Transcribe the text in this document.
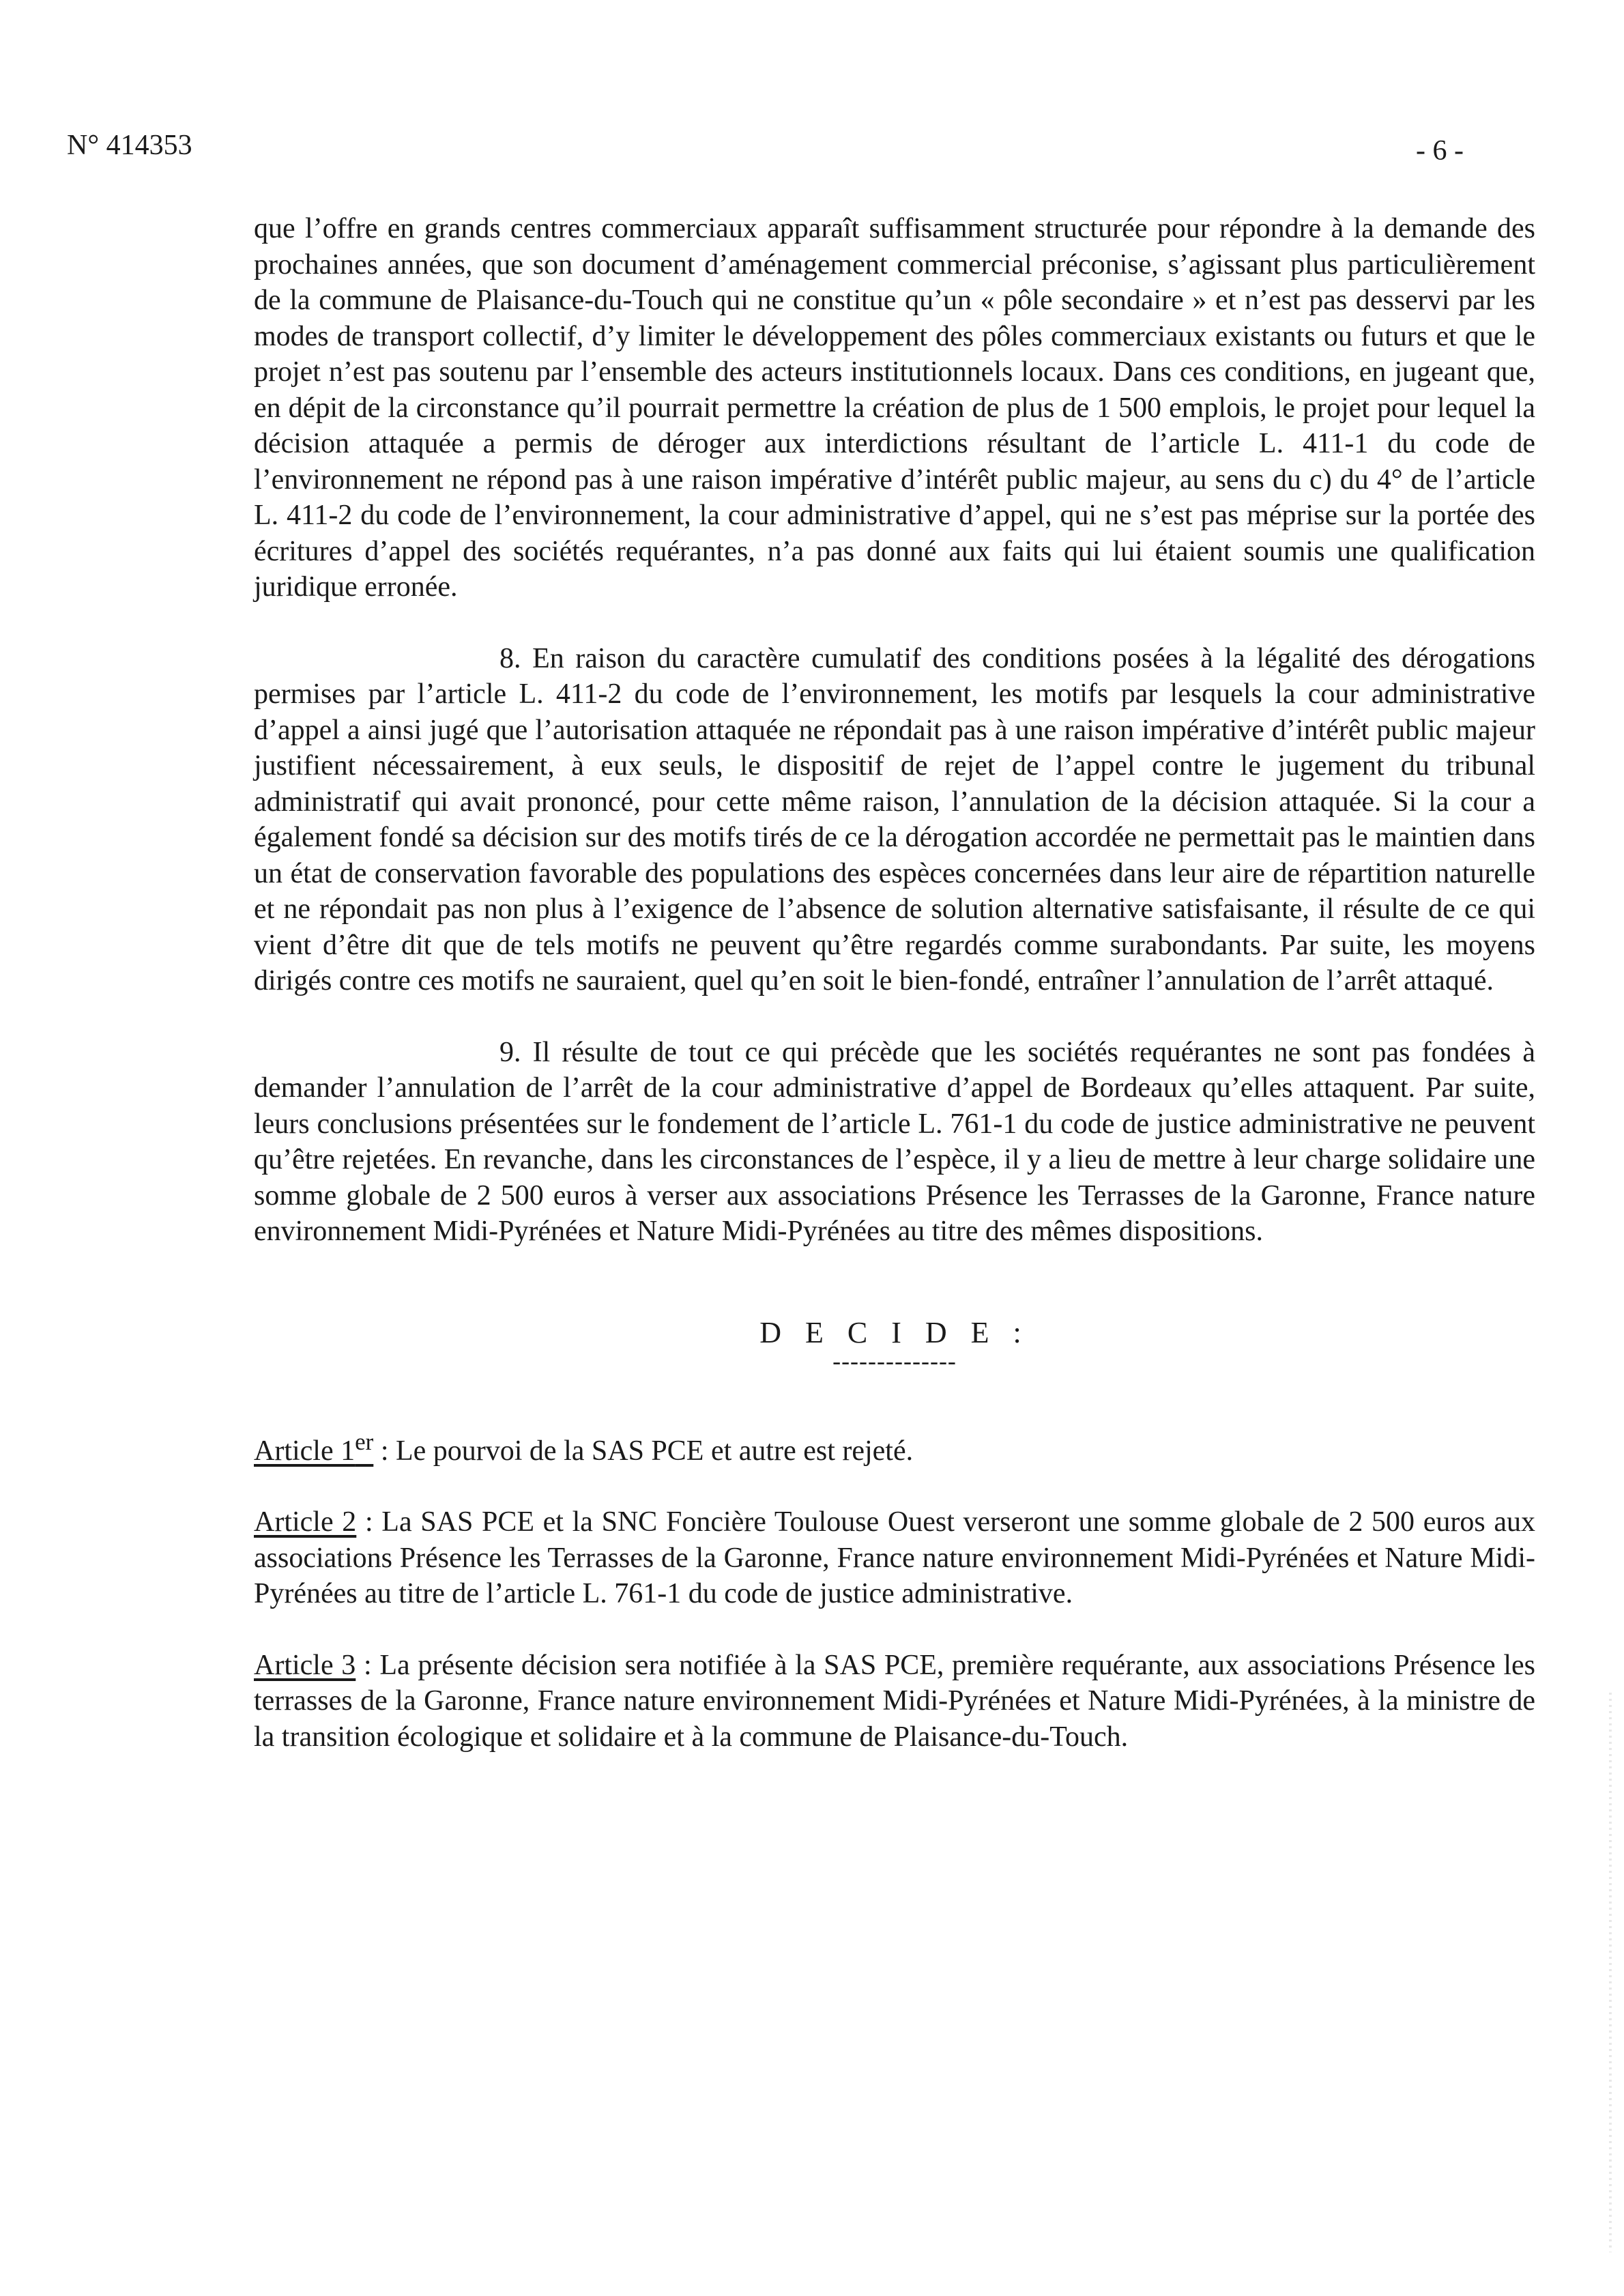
N° 414353	- 6 -

que l’offre en grands centres commerciaux apparaît suffisamment structurée pour répondre à la demande des prochaines années, que son document d’aménagement commercial préconise, s’agissant plus particulièrement de la commune de Plaisance-du-Touch qui ne constitue qu’un « pôle secondaire » et n’est pas desservi par les modes de transport collectif, d’y limiter le développement des pôles commerciaux existants ou futurs et que le projet n’est pas soutenu par l’ensemble des acteurs institutionnels locaux. Dans ces conditions, en jugeant que, en dépit de la circonstance qu’il pourrait permettre la création de plus de 1 500 emplois, le projet pour lequel la décision attaquée a permis de déroger aux interdictions résultant de l’article L. 411-1 du code de l’environnement ne répond pas à une raison impérative d’intérêt public majeur, au sens du c) du 4° de l’article L. 411-2 du code de l’environnement, la cour administrative d’appel, qui ne s’est pas méprise sur la portée des écritures d’appel des sociétés requérantes, n’a pas donné aux faits qui lui étaient soumis une qualification juridique erronée.

8. En raison du caractère cumulatif des conditions posées à la légalité des dérogations permises par l’article L. 411-2 du code de l’environnement, les motifs par lesquels la cour administrative d’appel a ainsi jugé que l’autorisation attaquée ne répondait pas à une raison impérative d’intérêt public majeur justifient nécessairement, à eux seuls, le dispositif de rejet de l’appel contre le jugement du tribunal administratif qui avait prononcé, pour cette même raison, l’annulation de la décision attaquée. Si la cour a également fondé sa décision sur des motifs tirés de ce la dérogation accordée ne permettait pas le maintien dans un état de conservation favorable des populations des espèces concernées dans leur aire de répartition naturelle et ne répondait pas non plus à l’exigence de l’absence de solution alternative satisfaisante, il résulte de ce qui vient d’être dit que de tels motifs ne peuvent qu’être regardés comme surabondants. Par suite, les moyens dirigés contre ces motifs ne sauraient, quel qu’en soit le bien-fondé, entraîner l’annulation de l’arrêt attaqué.

9. Il résulte de tout ce qui précède que les sociétés requérantes ne sont pas fondées à demander l’annulation de l’arrêt de la cour administrative d’appel de Bordeaux qu’elles attaquent. Par suite, leurs conclusions présentées sur le fondement de l’article L. 761-1 du code de justice administrative ne peuvent qu’être rejetées. En revanche, dans les circonstances de l’espèce, il y a lieu de mettre à leur charge solidaire une somme globale de 2 500 euros à verser aux associations Présence les Terrasses de la Garonne, France nature environnement Midi-Pyrénées et Nature Midi-Pyrénées au titre des mêmes dispositions.

D E C I D E :
--------------

Article 1er : Le pourvoi de la SAS PCE et autre est rejeté.

Article 2 : La SAS PCE et la SNC Foncière Toulouse Ouest verseront une somme globale de 2 500 euros aux associations Présence les Terrasses de la Garonne, France nature environnement Midi-Pyrénées et Nature Midi-Pyrénées au titre de l’article L. 761-1 du code de justice administrative.

Article 3 : La présente décision sera notifiée à la SAS PCE, première requérante, aux associations Présence les terrasses de la Garonne, France nature environnement Midi-Pyrénées et Nature Midi-Pyrénées, à la ministre de la transition écologique et solidaire et à la commune de Plaisance-du-Touch.
